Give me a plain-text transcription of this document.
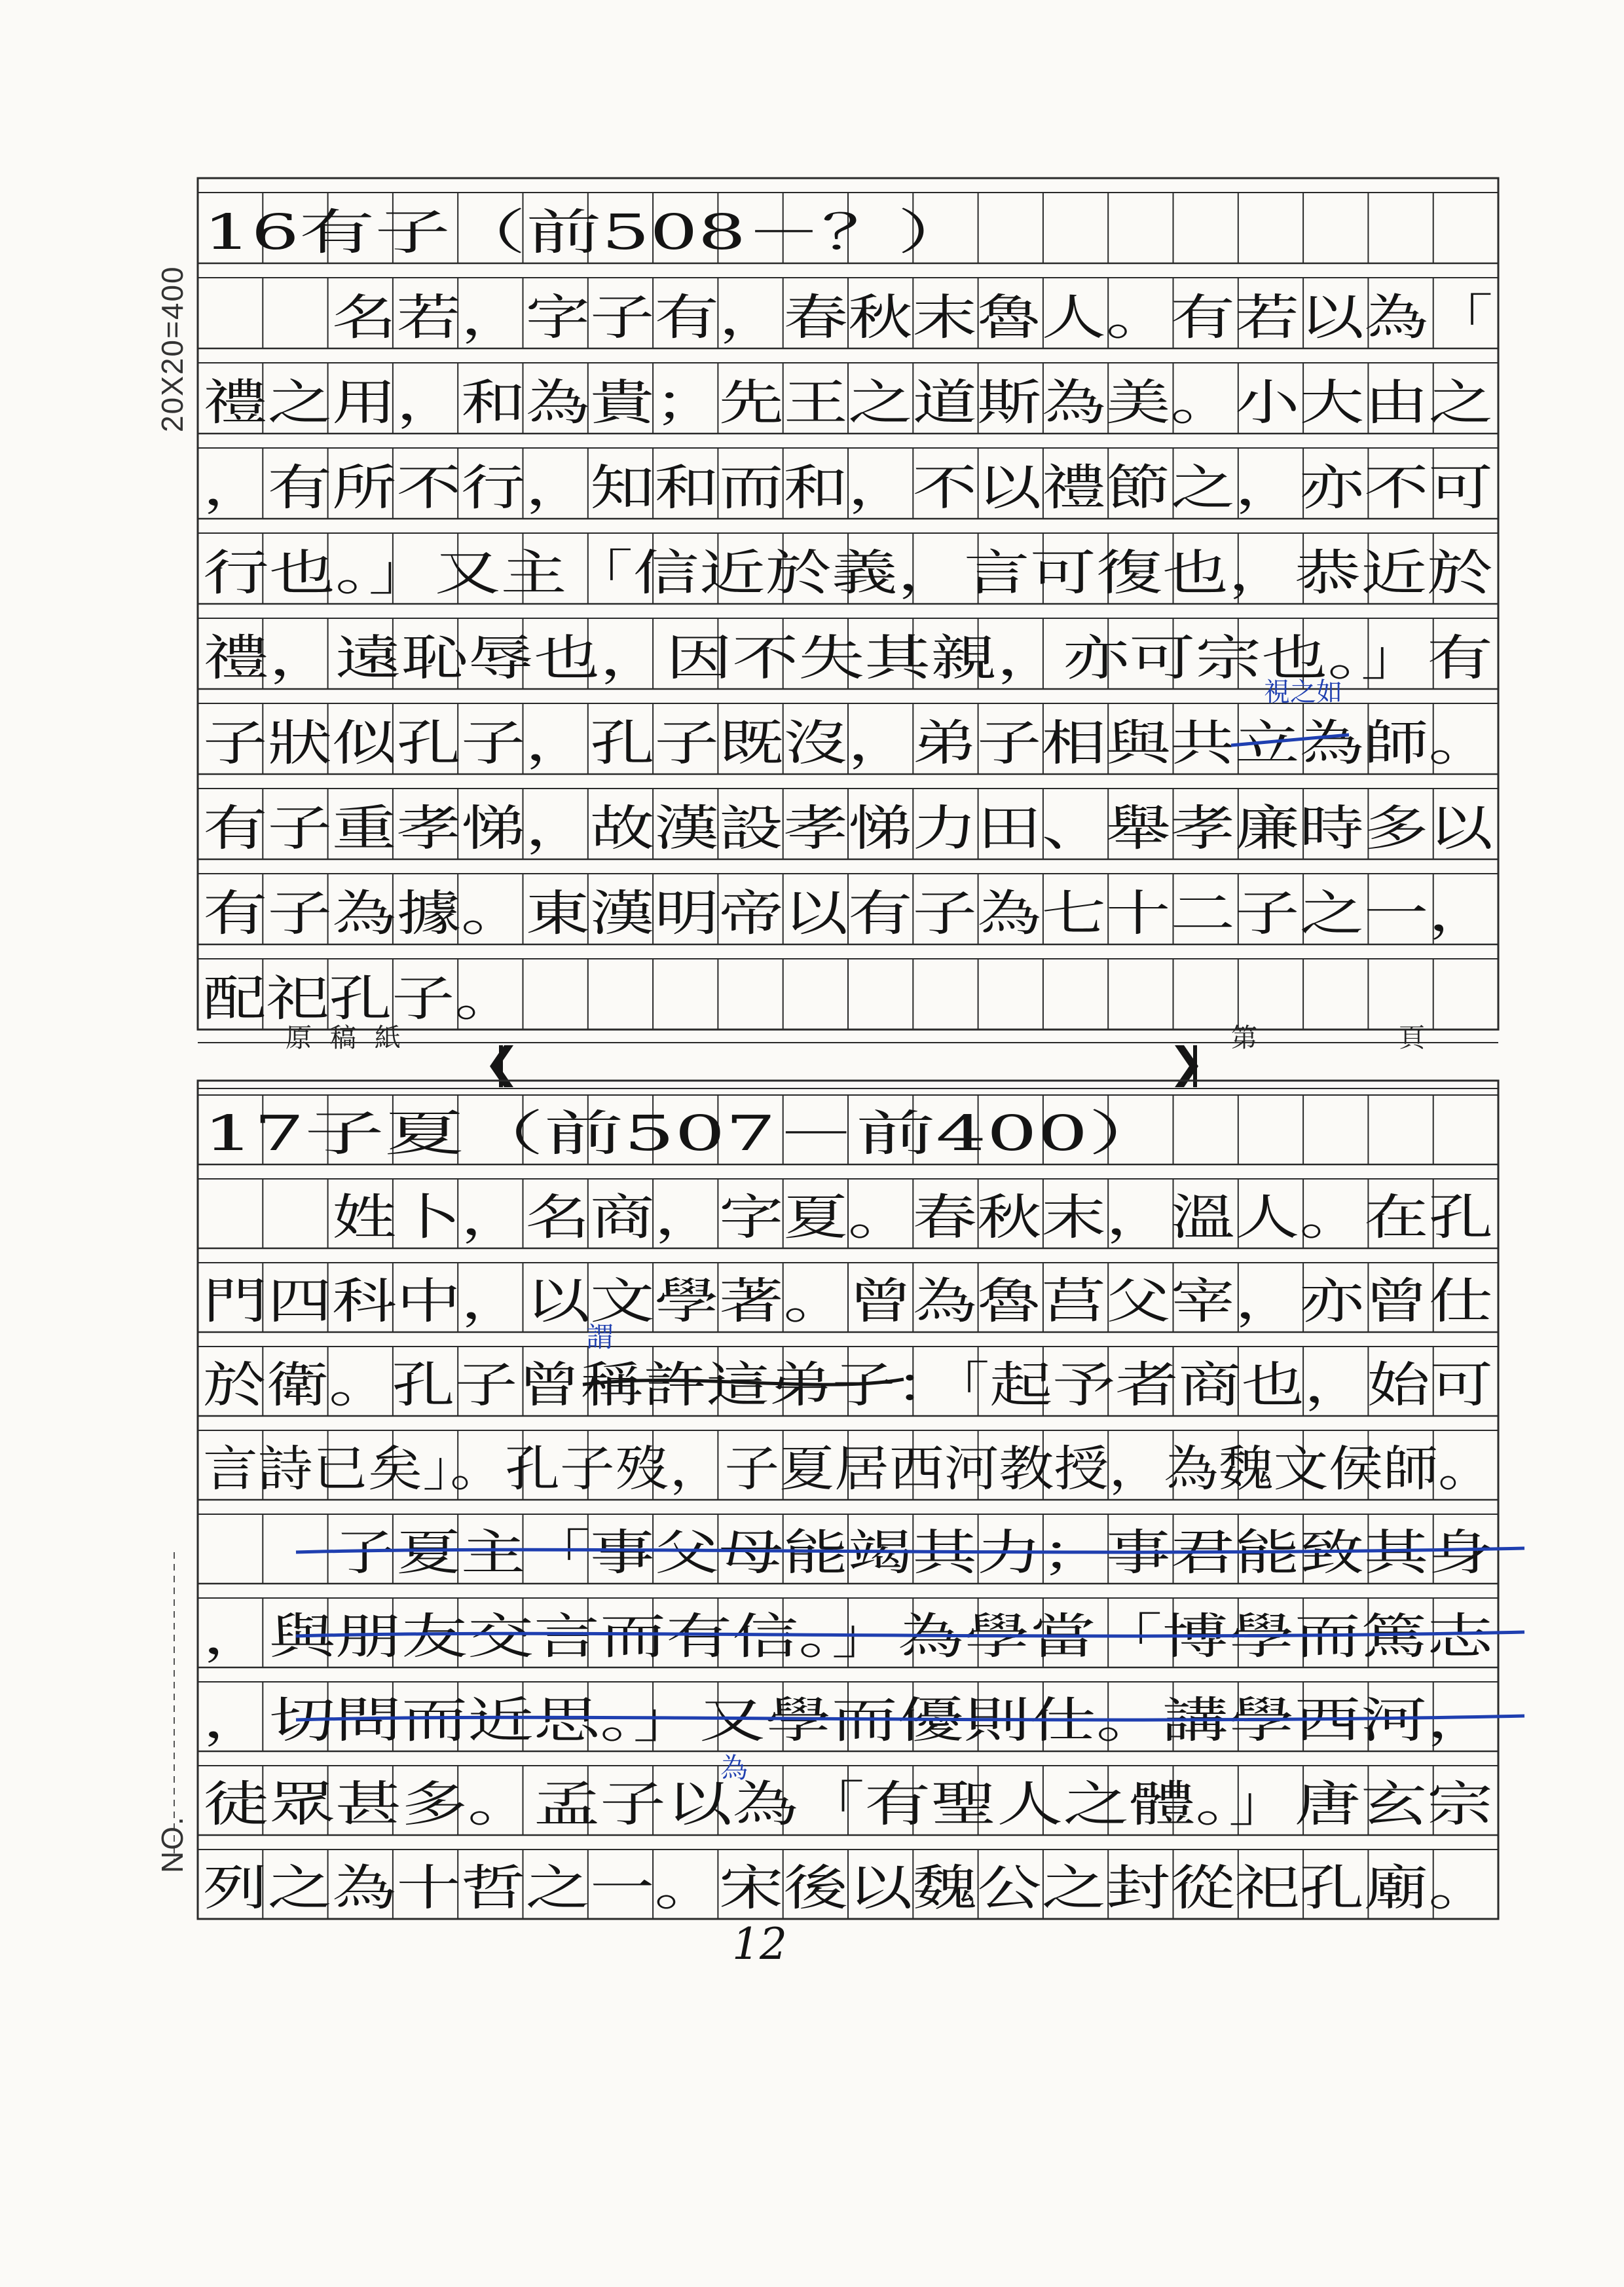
16有子（前508－？）
　　名若，字子有，春秋末魯人。有若以為「
禮之用，和為貴；先王之道斯為美。小大由之
，有所不行，知和而和，不以禮節之，亦不可
行也。」又主「信近於義，言可復也，恭近於
禮，遠恥辱也，因不失其親，亦可宗也。」有
子狀似孔子，孔子既沒，弟子相與共立為師。
有子重孝悌，故漢設孝悌力田、舉孝廉時多以
有子為據。東漢明帝以有子為七十二子之一，
配祀孔子。
17子夏（前507－前400）
　　姓卜，名商，字夏。春秋末，溫人。在孔
門四科中，以文學著。曾為魯莒父宰，亦曾仕
於衛。孔子曾稱許這弟子：「起予者商也，始可
言詩已矣」。孔子歿，子夏居西河教授，為魏文侯師。
　　子夏主「事父母能竭其力；事君能致其身
，與朋友交言而有信。」為學當「博學而篤志
，切問而近思。」又學而優則仕。講學西河，
徒眾甚多。孟子以為「有聖人之體。」唐玄宗
列之為十哲之一。宋後以魏公之封從祀孔廟。
視之如
謂
為
20X20=400
NO.
原稿紙	第	頁
12
